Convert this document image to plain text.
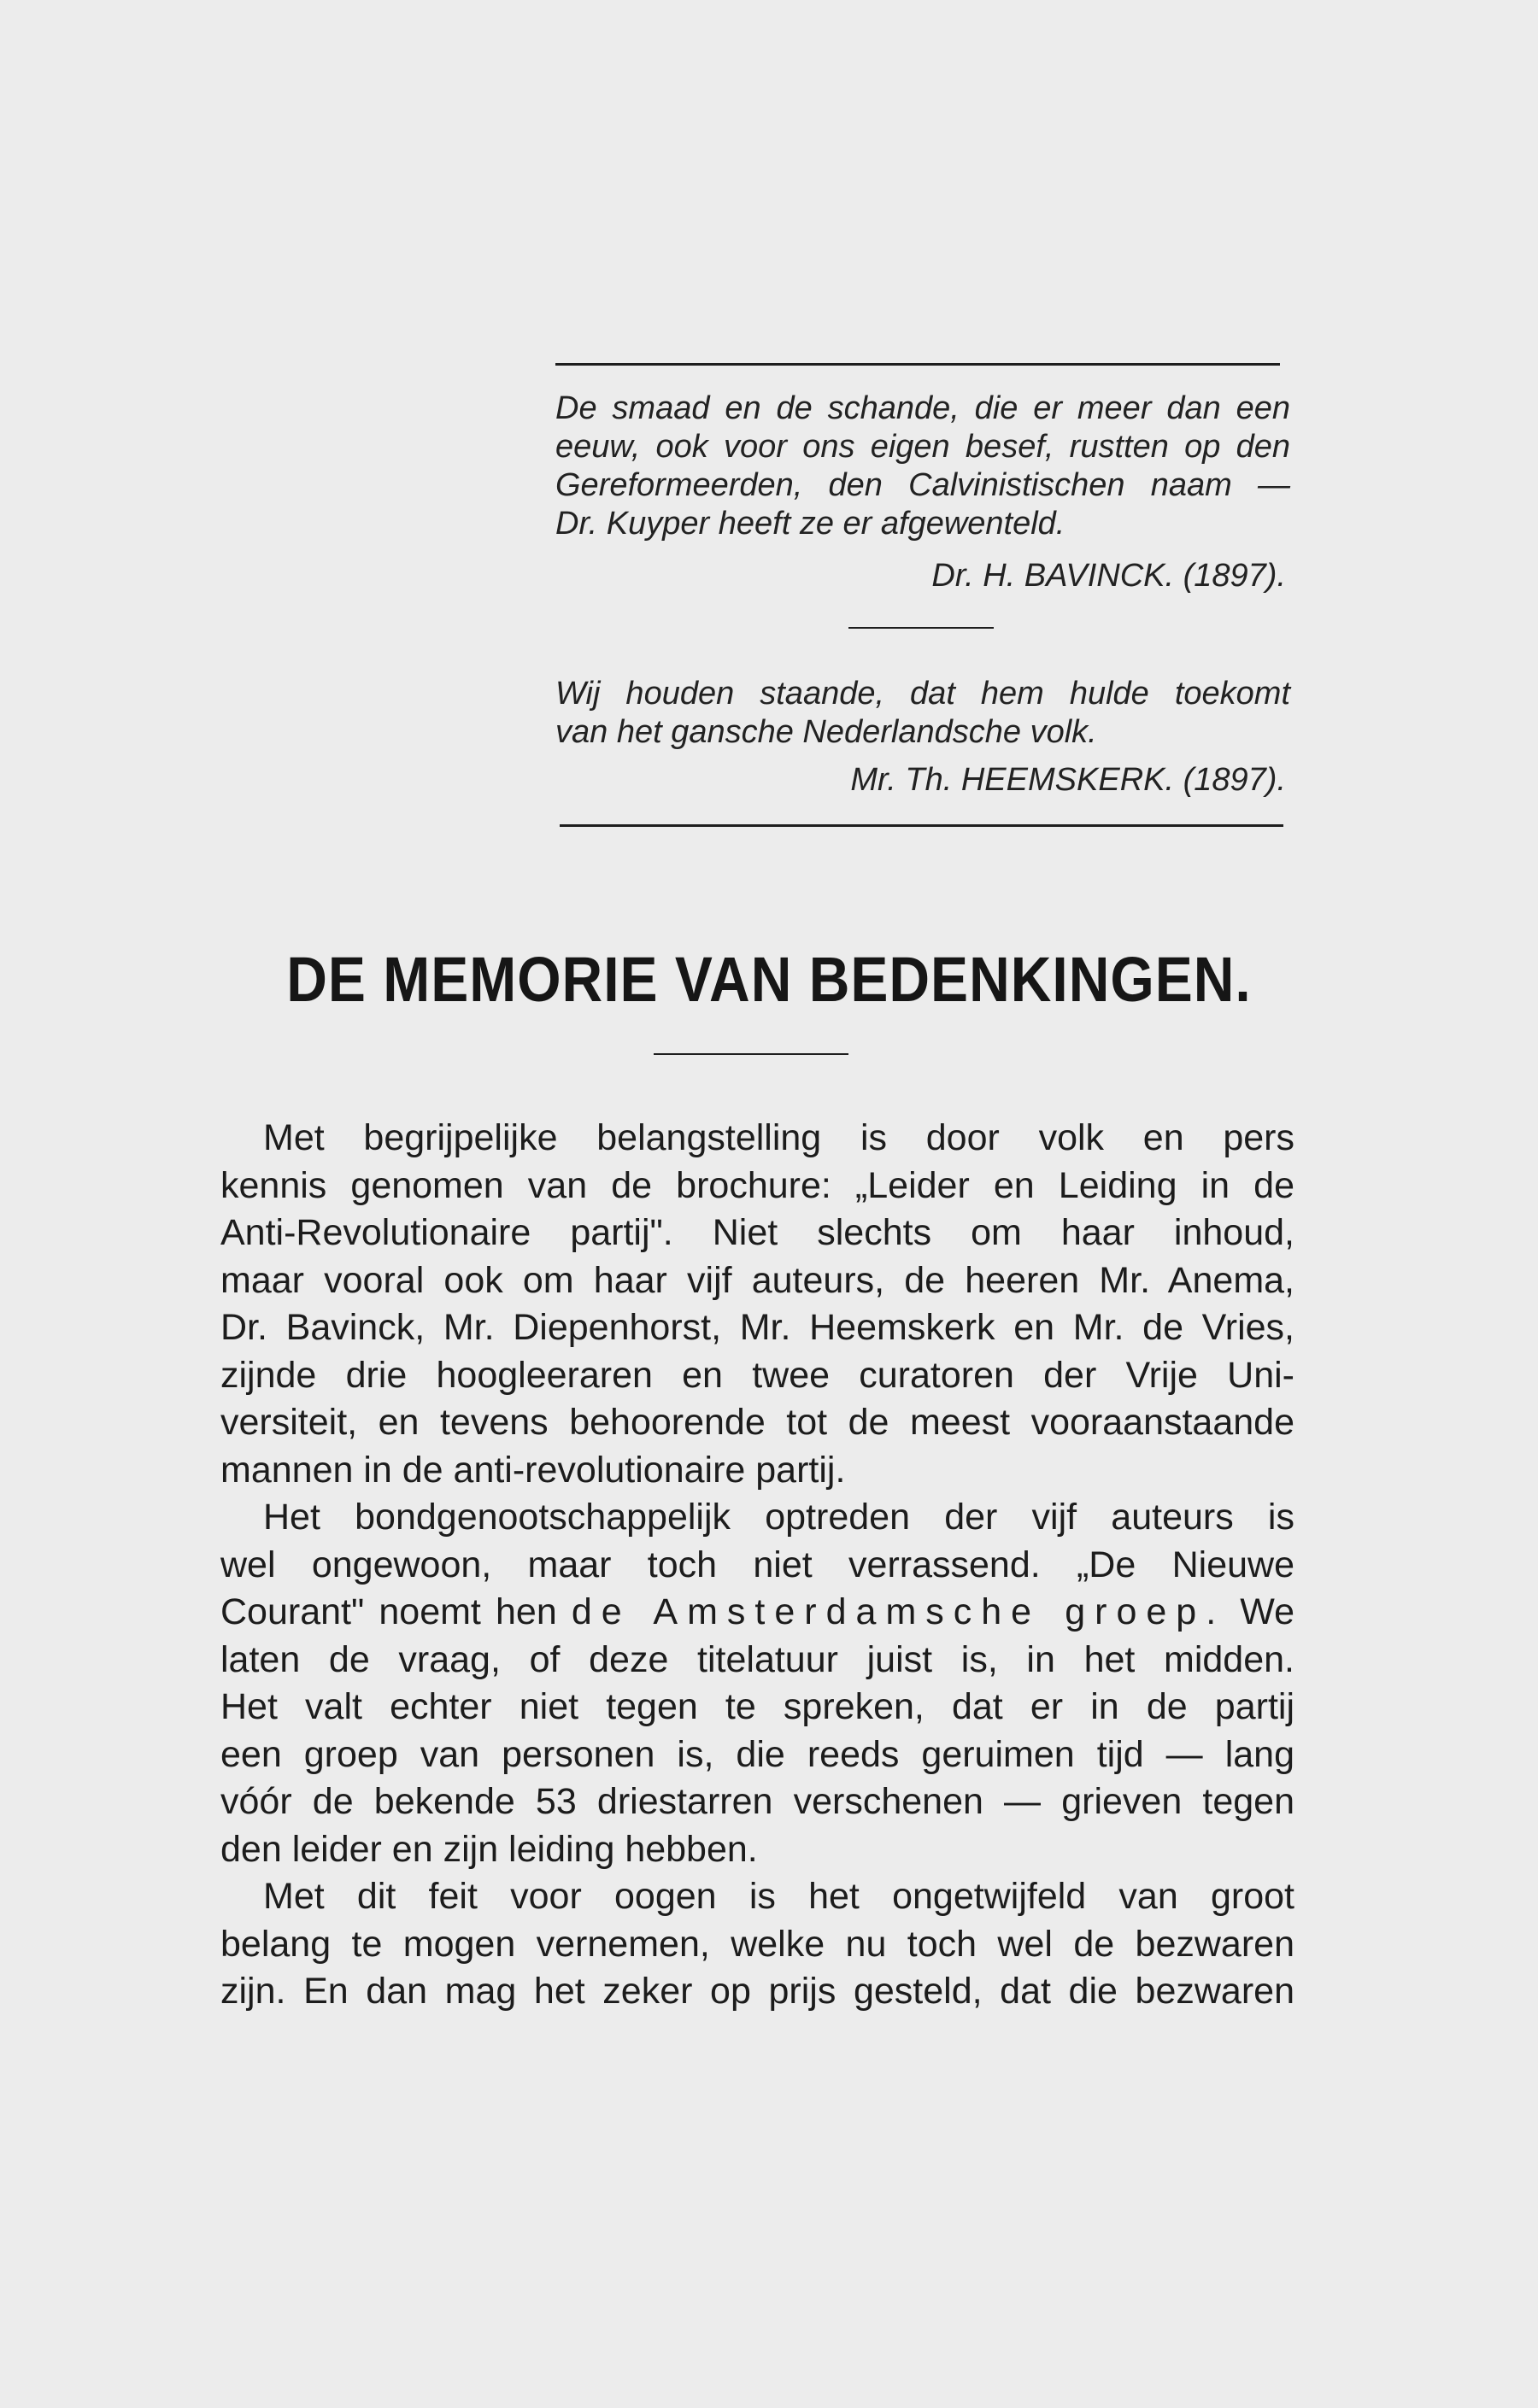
De smaad en de schande, die er meer dan een
eeuw, ook voor ons eigen besef, rustten op den
Gereformeerden, den Calvinistischen naam —
Dr. Kuyper heeft ze er afgewenteld.
Dr. H. BAVINCK. (1897).
Wij houden staande, dat hem hulde toekomt
van het gansche Nederlandsche volk.
Mr. Th. HEEMSKERK. (1897).
DE MEMORIE VAN BEDENKINGEN.
Met begrijpelijke belangstelling is door volk en pers
kennis genomen van de brochure: „Leider en Leiding in de
Anti-Revolutionaire partij". Niet slechts om haar inhoud,
maar vooral ook om haar vijf auteurs, de heeren Mr. Anema,
Dr. Bavinck, Mr. Diepenhorst, Mr. Heemskerk en Mr. de Vries,
zijnde drie hoogleeraren en twee curatoren der Vrije Uni-
versiteit, en tevens behoorende tot de meest vooraanstaande
mannen in de anti-revolutionaire partij.
Het bondgenootschappelijk optreden der vijf auteurs is
wel ongewoon, maar toch niet verrassend. „De Nieuwe
Courant" noemt hen de Amsterdamsche groep. We
laten de vraag, of deze titelatuur juist is, in het midden.
Het valt echter niet tegen te spreken, dat er in de partij
een groep van personen is, die reeds geruimen tijd — lang
vóór de bekende 53 driestarren verschenen — grieven tegen
den leider en zijn leiding hebben.
Met dit feit voor oogen is het ongetwijfeld van groot
belang te mogen vernemen, welke nu toch wel de bezwaren
zijn. En dan mag het zeker op prijs gesteld, dat die bezwaren
